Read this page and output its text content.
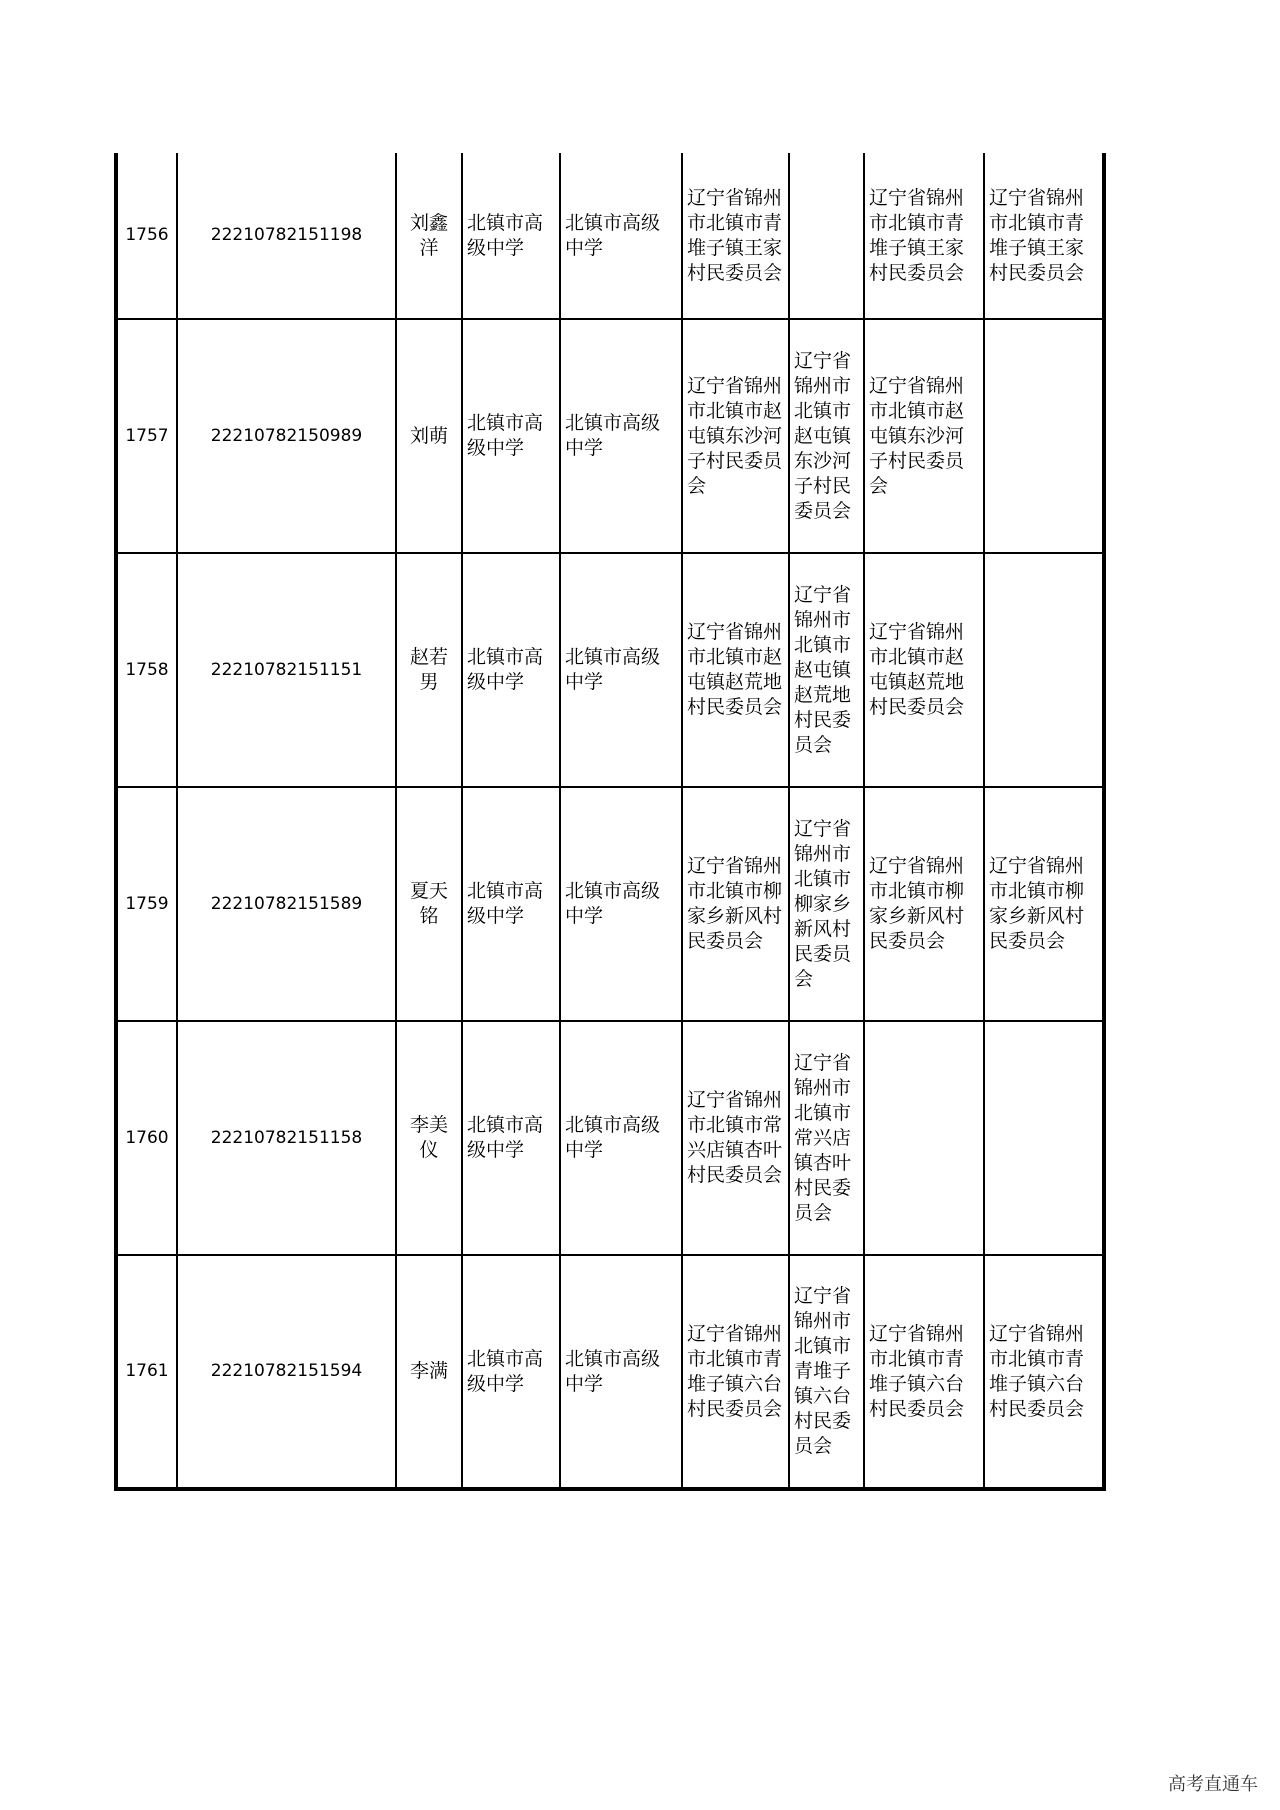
1756	22210782151198	刘鑫洋	北镇市高级中学	北镇市高级中学	辽宁省锦州市北镇市青堆子镇王家村民委员会		辽宁省锦州市北镇市青堆子镇王家村民委员会	辽宁省锦州市北镇市青堆子镇王家村民委员会
1757	22210782150989	刘萌	北镇市高级中学	北镇市高级中学	辽宁省锦州市北镇市赵屯镇东沙河子村民委员会	辽宁省锦州市北镇市赵屯镇东沙河子村民委员会	辽宁省锦州市北镇市赵屯镇东沙河子村民委员会	
1758	22210782151151	赵若男	北镇市高级中学	北镇市高级中学	辽宁省锦州市北镇市赵屯镇赵荒地村民委员会	辽宁省锦州市北镇市赵屯镇赵荒地村民委员会	辽宁省锦州市北镇市赵屯镇赵荒地村民委员会	
1759	22210782151589	夏天铭	北镇市高级中学	北镇市高级中学	辽宁省锦州市北镇市柳家乡新风村民委员会	辽宁省锦州市北镇市柳家乡新风村民委员会	辽宁省锦州市北镇市柳家乡新风村民委员会	辽宁省锦州市北镇市柳家乡新风村民委员会
1760	22210782151158	李美仪	北镇市高级中学	北镇市高级中学	辽宁省锦州市北镇市常兴店镇杏叶村民委员会	辽宁省锦州市北镇市常兴店镇杏叶村民委员会		
1761	22210782151594	李满	北镇市高级中学	北镇市高级中学	辽宁省锦州市北镇市青堆子镇六台村民委员会	辽宁省锦州市北镇市青堆子镇六台村民委员会	辽宁省锦州市北镇市青堆子镇六台村民委员会	辽宁省锦州市北镇市青堆子镇六台村民委员会
高考直通车
